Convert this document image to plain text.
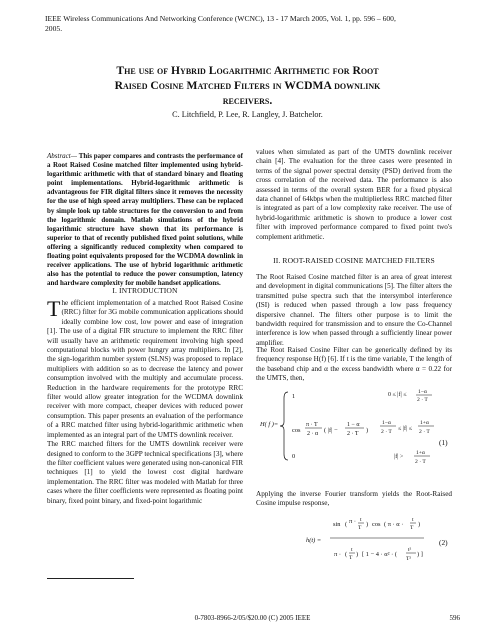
IEEE Wireless Communications And Networking Conference (WCNC), 13 - 17 March 2005, Vol. 1, pp. 596 – 600,
2005.
The use of Hybrid Logarithmic Arithmetic for Root
Raised Cosine Matched Filters in WCDMA downlink
receivers.
C. Litchfield, P. Lee, R. Langley, J. Batchelor.

Abstract— This paper compares and contrasts the performance of a Root Raised Cosine matched filter implemented using hybrid-logarithmic arithmetic with that of standard binary and floating point implementations. Hybrid-logarithmic arithmetic is advantageous for FIR digital filters since it removes the necessity for the use of high speed array multipliers. These can be replaced by simple look up table structures for the conversion to and from the logarithmic domain. Matlab simulations of the hybrid logarithmic structure have shown that its performance is superior to that of recently published fixed point solutions, while offering a significantly reduced complexity when compared to floating point equivalents proposed for the WCDMA downlink in receiver applications. The use of hybrid logarithmic arithmetic also has the potential to reduce the power consumption, latency and hardware complexity for mobile handset applications.

I. INTRODUCTION

The efficient implementation of a matched Root Raised Cosine (RRC) filter for 3G mobile communication applications should ideally combine low cost, low power and ease of integration [1]. The use of a digital FIR structure to implement the RRC filter will usually have an arithmetic requirement involving high speed computational blocks with power hungry array multipliers. In [2], the sign-logarithm number system (SLNS) was proposed to replace multipliers with addition so as to decrease the latency and power consumption involved with the multiply and accumulate process. Reduction in the hardware requirements for the prototype RRC filter would allow greater integration for the WCDMA downlink receiver with more compact, cheaper devices with reduced power consumption. This paper presents an evaluation of the performance of a RRC matched filter using hybrid-logarithmic arithmetic when implemented as an integral part of the UMTS downlink receiver.

The RRC matched filters for the UMTS downlink receiver were designed to conform to the 3GPP technical specifications [3], where the filter coefficient values were generated using non-canonical FIR techniques [1] to yield the lowest cost digital hardware implementation. The RRC filter was modeled with Matlab for three cases where the filter coefficients were represented as floating point binary, fixed point binary, and fixed-point logarithmic

values when simulated as part of the UMTS downlink receiver chain [4]. The evaluation for the three cases were presented in terms of the signal power spectral density (PSD) derived from the cross correlation of the received data. The performance is also assessed in terms of the overall system BER for a fixed physical data channel of 64kbps when the multiplierless RRC matched filter is integrated as part of a low complexity rake receiver. The use of hybrid-logarithmic arithmetic is shown to produce a lower cost filter with improved performance compared to fixed point two's complement arithmetic.

II. ROOT-RAISED COSINE MATCHED FILTERS

The Root Raised Cosine matched filter is an area of great interest and development in digital communications [5]. The filter alters the transmitted pulse spectra such that the intersymbol interference (ISI) is reduced when passed through a low pass frequency dispersive channel. The filters other purpose is to limit the bandwidth required for transmission and to ensure the Co-Channel interference is low when passed through a sufficiently linear power amplifier.

The Root Raised Cosine Filter can be generically defined by its frequency response H(f) [6]. If t is the time variable, T the length of the baseband chip and α the excess bandwidth where α = 0.22 for the UMTS, then,

H( f )=
1
cos
π · T
2 · α ( |f| −
1 − α
2 · T )
0
0 ≤ |f| ≤ 1−α
2 · T
1−α
2 · T ≤ |f| ≤
1+α
2 · T
|f| >
1+α
2 · T
(1)

Applying the inverse Fourier transform yields the Root-Raised Cosine impulse response,

h(t) =
sin ( π · t
T ) cos ( π · α ·
t
T )
π · (
t
T ) [ 1 − 4 · α² · (
t²
T²
) ]
(2)
0-7803-8966-2/05/$20.00 (C) 2005 IEEE	596
